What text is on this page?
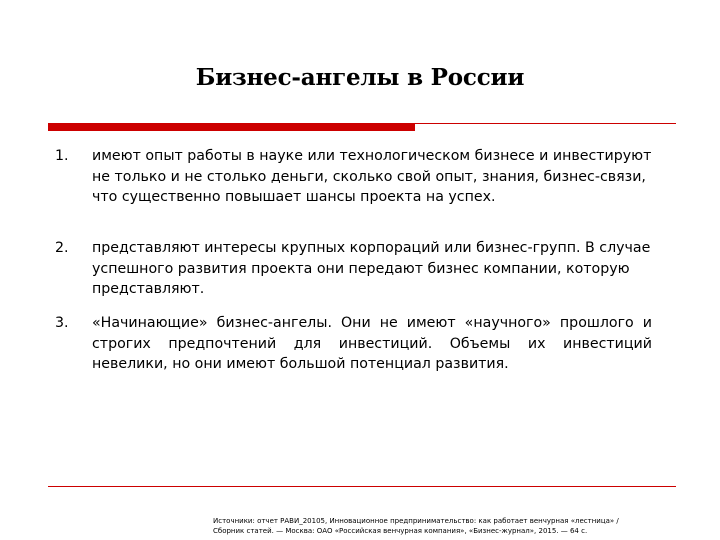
Бизнес-ангелы в России
1.	имеют опыт работы в науке или технологическом бизнесе и инвестируют не только и не столько деньги, сколько свой опыт, знания, бизнес-связи, что существенно повышает шансы проекта на успех.
2.	представляют интересы крупных корпораций или бизнес-групп. В случае успешного развития проекта они передают бизнес компании, которую представляют.
3.	«Начинающие» бизнес-ангелы. Они не имеют «научного» прошлого и строгих предпочтений для инвестиций. Объемы их инвестиций невелики, но они имеют большой потенциал развития.
Источники: отчет РАВИ_20105, Инновационное предпринимательство: как работает венчурная «лестница» /
Сборник статей. — Москва: ОАО «Российская венчурная компания», «Бизнес-журнал», 2015. — 64 с.
